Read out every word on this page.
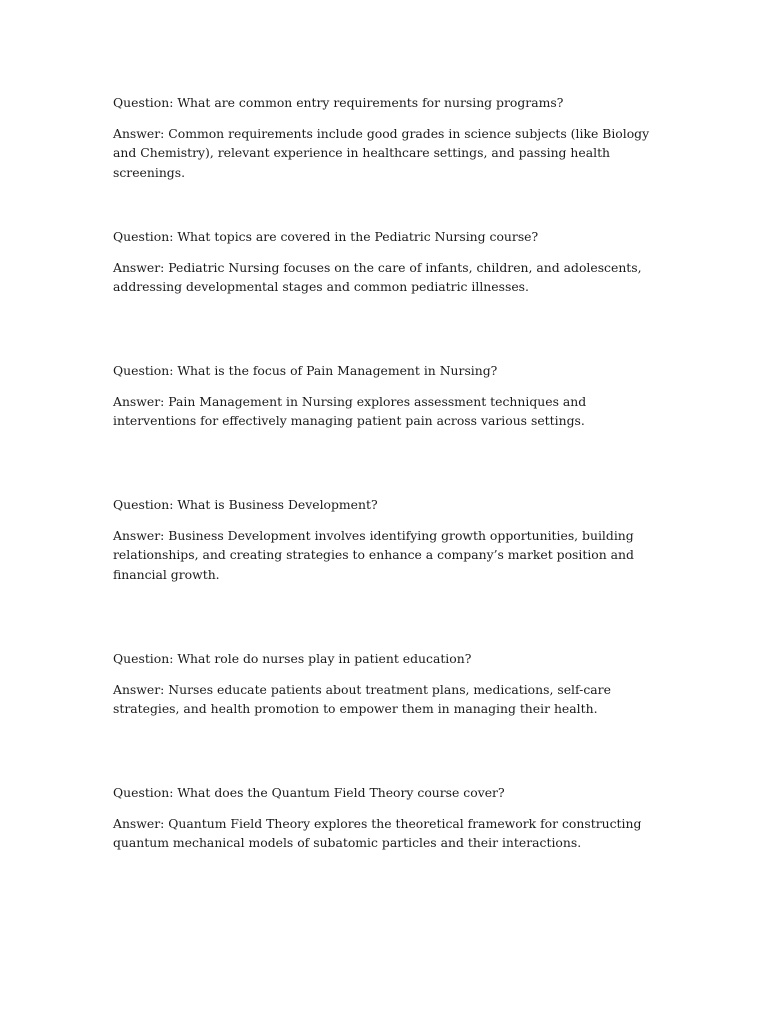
Question: What are common entry requirements for nursing programs?

Answer: Common requirements include good grades in science subjects (like Biology and Chemistry), relevant experience in healthcare settings, and passing health screenings.

Question: What topics are covered in the Pediatric Nursing course?

Answer: Pediatric Nursing focuses on the care of infants, children, and adolescents, addressing developmental stages and common pediatric illnesses.

Question: What is the focus of Pain Management in Nursing?

Answer: Pain Management in Nursing explores assessment techniques and interventions for effectively managing patient pain across various settings.

Question: What is Business Development?

Answer: Business Development involves identifying growth opportunities, building relationships, and creating strategies to enhance a company’s market position and financial growth.

Question: What role do nurses play in patient education?

Answer: Nurses educate patients about treatment plans, medications, self-care strategies, and health promotion to empower them in managing their health.

Question: What does the Quantum Field Theory course cover?

Answer: Quantum Field Theory explores the theoretical framework for constructing quantum mechanical models of subatomic particles and their interactions.
